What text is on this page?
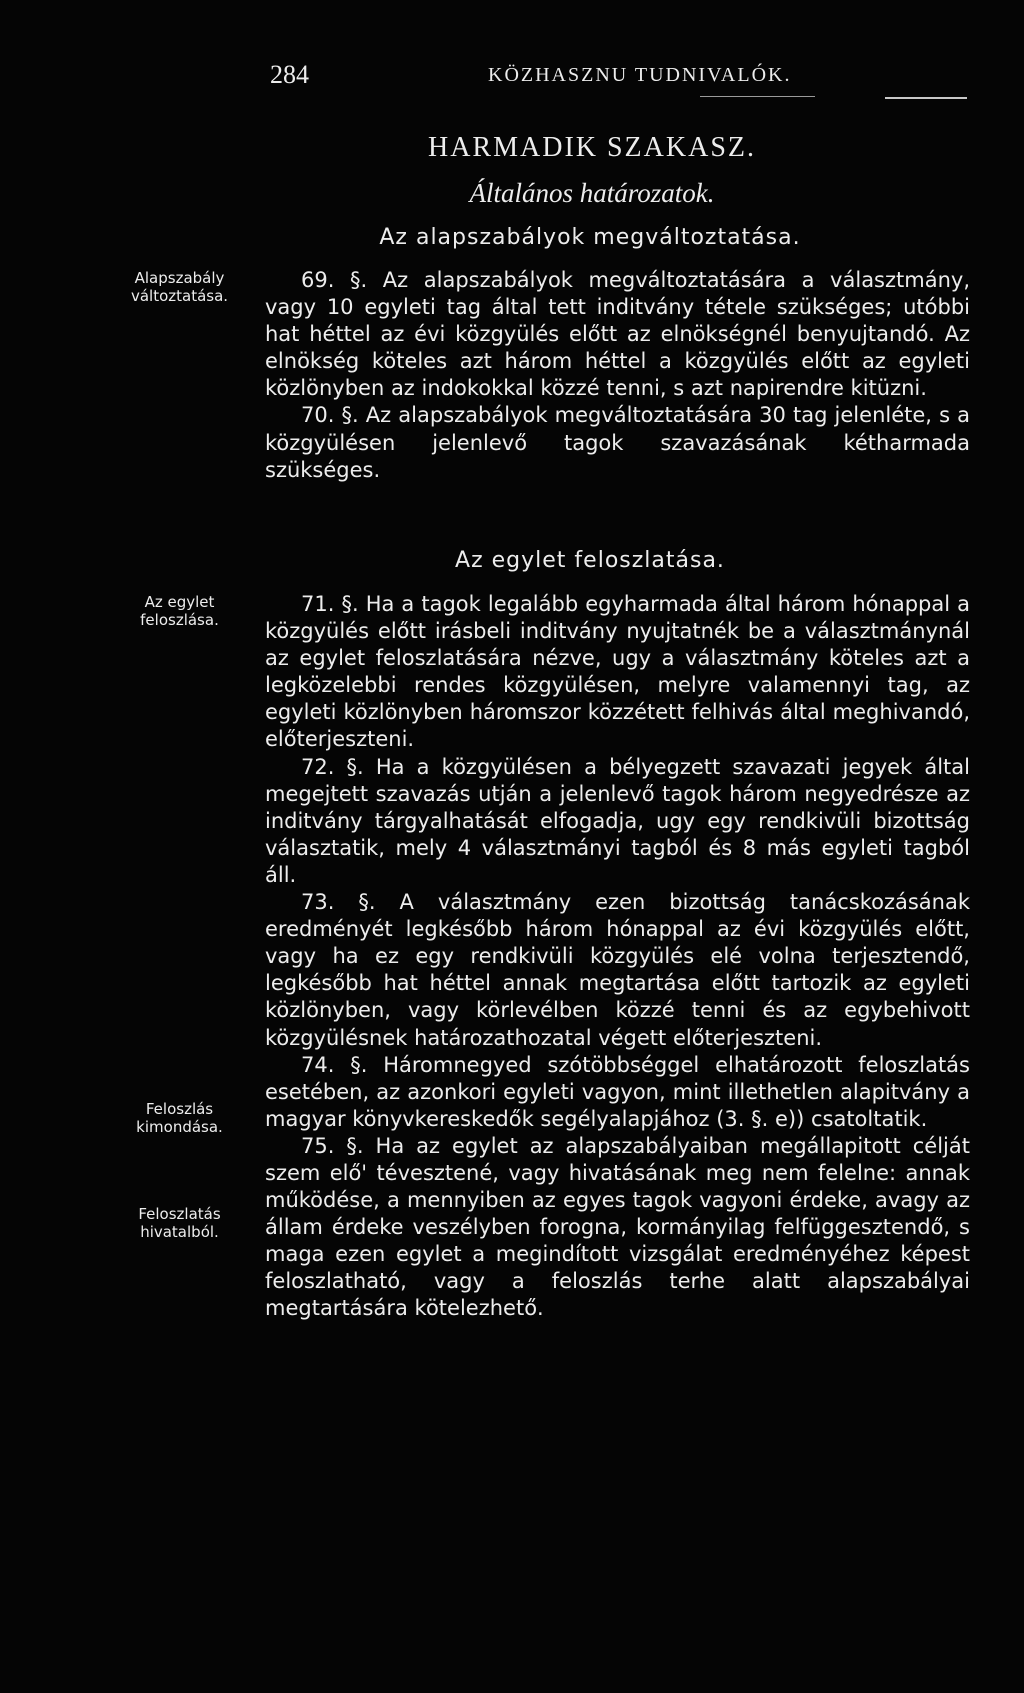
284	KÖZHASZNU TUDNIVALÓK.
HARMADIK SZAKASZ.
Általános határozatok.
Az alapszabályok megváltoztatása.
Alapszabály változtatása.

69. §. Az alapszabályok megváltoztatására a választmány, vagy 10 egyleti tag által tett inditvány tétele szükséges; utóbbi hat héttel az évi közgyülés előtt az elnökségnél benyujtandó. Az elnökség köteles azt három héttel a közgyülés előtt az egyleti közlönyben az indokokkal közzé tenni, s azt napirendre kitüzni.

70. §. Az alapszabályok megváltoztatására 30 tag jelenléte, s a közgyülésen jelenlevő tagok szavazásának kétharmada szükséges.

Az egylet feloszlatása.
Az egylet feloszlása.
Feloszlás kimondása.
Feloszlatás hivatalból.

71. §. Ha a tagok legalább egyharmada által három hónappal a közgyülés előtt irásbeli inditvány nyujtatnék be a választmánynál az egylet feloszlatására nézve, ugy a választmány köteles azt a legközelebbi rendes közgyülésen, melyre valamennyi tag, az egyleti közlönyben háromszor közzétett felhivás által meghivandó, előterjeszteni.

72. §. Ha a közgyülésen a bélyegzett szavazati jegyek által megejtett szavazás utján a jelenlevő tagok három negyedrésze az inditvány tárgyalhatását elfogadja, ugy egy rendkivüli bizottság választatik, mely 4 választmányi tagból és 8 más egyleti tagból áll.

73. §. A választmány ezen bizottság tanácskozásának eredményét legkésőbb három hónappal az évi közgyülés előtt, vagy ha ez egy rendkivüli közgyülés elé volna terjesztendő, legkésőbb hat héttel annak megtartása előtt tartozik az egyleti közlönyben, vagy körlevélben közzé tenni és az egybehivott közgyülésnek határozathozatal végett előterjeszteni.

74. §. Háromnegyed szótöbbséggel elhatározott feloszlatás esetében, az azonkori egyleti vagyon, mint illethetlen alapitvány a magyar könyvkereskedők segélyalapjához (3. §. e)) csatoltatik.

75. §. Ha az egylet az alapszabályaiban megállapitott célját szem elő' tévesztené, vagy hivatásának meg nem felelne: annak működése, a mennyiben az egyes tagok vagyoni érdeke, avagy az állam érdeke veszélyben forogna, kormányilag felfüggesztendő, s maga ezen egylet a megindított vizsgálat eredményéhez képest feloszlatható, vagy a feloszlás terhe alatt alapszabályai megtartására kötelezhető.
